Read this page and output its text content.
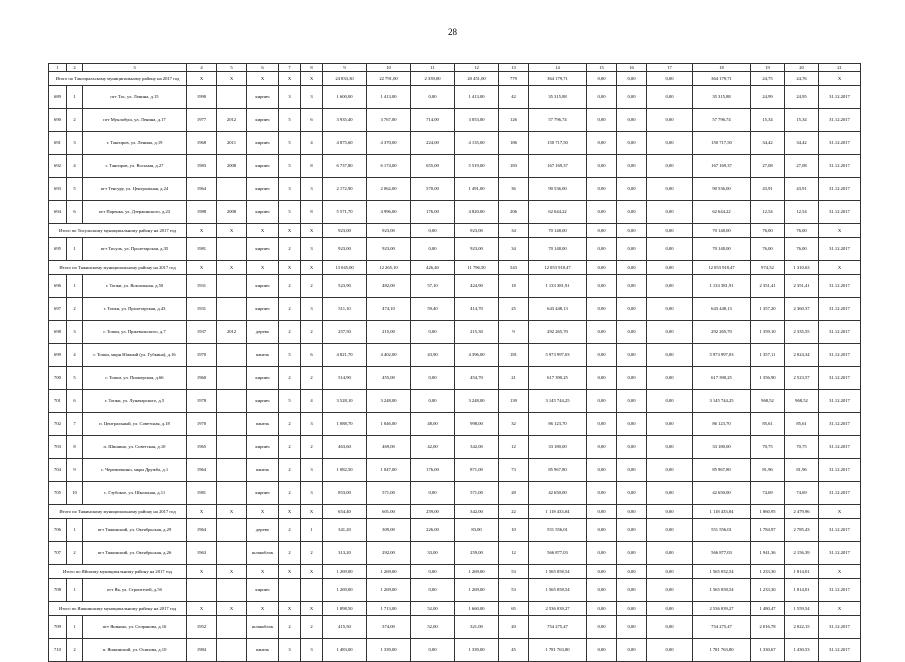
28
1	2	3	4	5	6	7	8	9	10	11	12	13	14	15	16	17	18	19	20	21
Итого по Тангиральскому муниципальному району на 2017 год			X	X	X	X	X	24 833,30	22 791,00	2 339,00	20 451,00	779	364 179,71	0,00	0,00	0,00	364 179,71	24,75	24,76	X
689	1	пгт Тас, ул. Ленина, д.15	1990		кирпич	3	3	1 600,00	1 413,00	0,00	1 413,00	42	35 315,88	0,00	0,00	0,00	35 315,88	24,99	24,95	31.12.2017
690	2	пгт Мунлабуш, ул. Ленина, д.17	1977	2012	кирпич	5	6	3 935,40	3 767,00	714,00	3 053,00	126	57 796,74	0,00	0,00	0,00	57 796,74	15,34	15,34	31.12.2017
691	3	г. Тангиров, ул. Ленина, д.19	1968	2011	кирпич	5	4	4 875,60	4 370,00	224,00	4 135,00	186	150 717,50	0,00	0,00	0,00	150 717,50	34,42	34,42	31.12.2017
692	4	г. Тангиров, ул. Восьмая, д.27	1983	2008	кирпич	5	8	6 737,80	6 174,00	655,00	5 519,00	183	167 169,37	0,00	0,00	0,00	167 169,37	27,08	27,08	31.12.2017
693	5	пгт Тенгуру, ул. Центральная, д.24	1964		кирпич	3	3	2 172,90	2 062,00	570,00	1 491,00	36	90 536,00	0,00	0,00	0,00	90 536,00	43,91	43,91	31.12.2017
694	6	пгт Паренка, ул. Дзержинского, д.23	1988	2008	кирпич	5	8	5 571,70	4 996,00	176,00	4 820,00	206	62 644,22	0,00	0,00	0,00	62 644,22	12,54	12,54	31.12.2017
Итого по Тисульскому муниципальному району на 2017 год			X	X	X	X	X	923,00	923,00	0,00	923,00	34	70 148,00	0,00	0,00	0,00	70 148,00	76,00	76,00	X
695	1	пгт Тисуль, ул. Пролетарская, д.35	1981		кирпич	2	3	923,00	923,00	0,00	923,00	34	70 148,00	0,00	0,00	0,00	70 148,00	76,00	76,00	31.12.2017
Итого по Тяжинскому муниципальному району на 2017 год			X	X	X	X	X	13 045,00	12 265,10	426,40	11 796,50	543	12 053 918,47	0,00	0,00	0,00	12 053 918,47	974,52	1 310,63	X
696	1	г. Топки, ул. Вокзальная, д.50	1931		кирпич	2	2	523,90	482,00	57,10	424,90	18	1 133 381,91	0,00	0,00	0,00	1 133 381,91	2 351,41	2 351,41	31.12.2017
697	2	г. Топки, ул. Пролетарская, д.43	1931		кирпич	2	3	511,10	474,10	59,40	414,70	25	643 448,13	0,00	0,00	0,00	643 448,13	1 357,20	2 360,37	31.12.2017
698	3	г. Топки, ул. Пржевальского, д.7	1937	2012	дерево	2	2	257,50	215,00	0,00	215,30	9	292 265,70	0,00	0,00	0,00	292 265,70	1 359,10	2 335,55	31.12.2017
699	4	г. Топки, мкрн Южный (ул. Губкина), д.16	1970		панель	5	6	4 821,70	4 402,00	43,90	4 396,00	181	5 973 997,03	0,00	0,00	0,00	5 973 997,03	1 357,11	2 024,34	31.12.2017
700	5	г. Топки, ул. Пионерская, д.66	1960		кирпич	2	2	514,90	455,00	0,00	454,70	21	617 390,25	0,00	0,00	0,00	617 390,25	1 356,90	2 523,57	31.12.2017
701	6	г. Топки, ул. Луначарского, д.5	1978		кирпич	5	4	3 528,10	3 248,00	0,00	3 248,00	139	3 145 744,25	0,00	0,00	0,00	3 145 744,25	968,52	968,52	31.12.2017
702	7	п. Центральный, ул. Советская, д.18	1970		панель	2	3	1 088,70	1 046,00	48,00	998,00	32	86 123,70	0,00	0,00	0,00	86 123,70	85,61	85,61	31.12.2017
703	8	п. Шишино, ул. Советская, д.10	1965		кирпич	2	2	463,60	469,00	42,00	342,00	12	33 180,00	0,00	0,00	0,00	33 180,00	70,75	70,75	31.12.2017
704	9	с. Черемичкино, мкрн Дружба, д.1	1964		панель	2	3	1 082,50	1 047,00	176,00	871,00	73	85 967,80	0,00	0,00	0,00	85 967,80	81,96	81,96	31.12.2017
705	10	с. Глубокое, ул. Школьная, д.11	1981		кирпич	2	3	853,00	571,00	0,00	571,00	28	42 650,00	0,00	0,00	0,00	42 650,00	74,69	74,69	31.12.2017
Итого по Тяжинскому муниципальному району на 2017 год			X	X	X	X	X	654,40	601,00	259,00	342,00	22	1 118 433,04	0,00	0,00	0,00	1 118 433,04	1 860,95	2 479,96	X
706	1	пгт Тяжинский, ул. Октябрьская, д.29	1964		дерево	2	1	341,20	309,00	226,00	83,00	10	551 556,01	0,00	0,00	0,00	551 556,01	1 784,97	2 785,43	31.12.2017
707	2	пгт Тяжинский, ул. Октябрьская, д.26	1963		шлакоблок	2	2	313,20	292,00	33,00	259,00	12	566 877,03	0,00	0,00	0,00	566 877,03	1 941,36	2 156,39	31.12.2017
Итого по Яйскому муниципальному району на 2017 год			X	X	X	X	X	1 269,00	1 269,00	0,00	1 269,00	53	1 565 058,54	0,00	0,00	0,00	1 565 052,54	1 233,30	1 814,01	X
708	1	пгт Яя, ул. Строителей, д.5б			кирпич			1 269,00	1 269,00	0,00	1 269,00	53	1 565 058,54	0,00	0,00	0,00	1 565 058,54	1 233,30	1 814,01	31.12.2017
Итого по Яшкинскому муниципальному району на 2017 год			X	X	X	X	X	1 898,50	1 713,00	52,00	1 660,00	65	2 536 039,27	0,00	0,00	0,00	2 536 039,27	1 480,47	1 559,54	X
709	1	пгт Яшкино, ул. Селранова, д.16	1952		шлакоблок	2	2	415,50	374,00	52,00	321,00	20	754 275,47	0,00	0,00	0,00	754 275,47	2 016,78	2 022,15	31.12.2017
710	2	п. Яшкинский, ул. Осипова, д.10	1984		панель	3	3	1 483,00	1 339,00	0,00	1 339,00	45	1 781 763,80	0,00	0,00	0,00	1 781 763,80	1 330,67	1 430,53	31.12.2017
